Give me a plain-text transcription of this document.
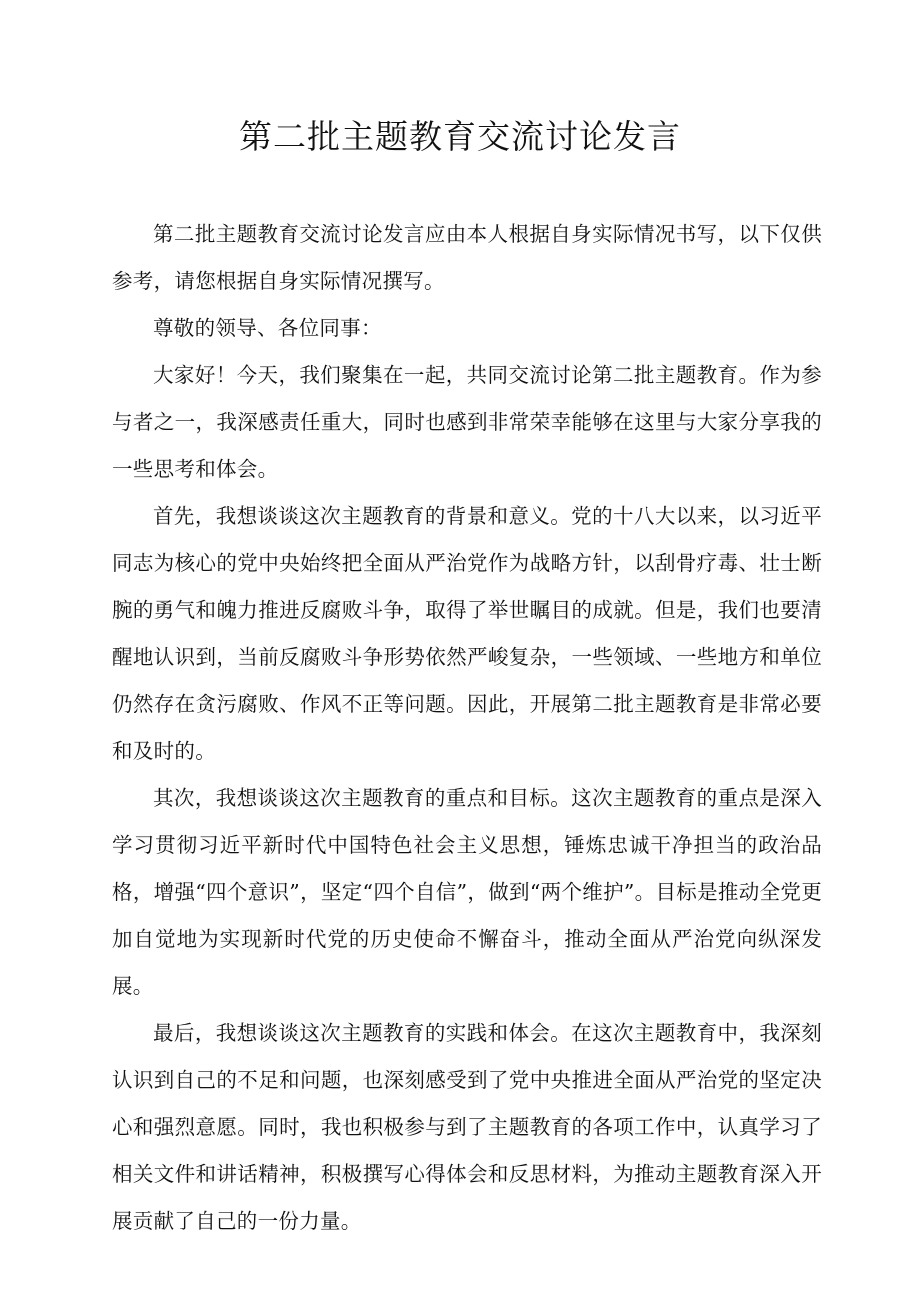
第二批主题教育交流讨论发言

第二批主题教育交流讨论发言应由本人根据自身实际情况书写，以下仅供参考，请您根据自身实际情况撰写。

尊敬的领导、各位同事：

大家好！今天，我们聚集在一起，共同交流讨论第二批主题教育。作为参与者之一，我深感责任重大，同时也感到非常荣幸能够在这里与大家分享我的一些思考和体会。

首先，我想谈谈这次主题教育的背景和意义。党的十八大以来，以习近平同志为核心的党中央始终把全面从严治党作为战略方针，以刮骨疗毒、壮士断腕的勇气和魄力推进反腐败斗争，取得了举世瞩目的成就。但是，我们也要清醒地认识到，当前反腐败斗争形势依然严峻复杂，一些领域、一些地方和单位仍然存在贪污腐败、作风不正等问题。因此，开展第二批主题教育是非常必要和及时的。

其次，我想谈谈这次主题教育的重点和目标。这次主题教育的重点是深入学习贯彻习近平新时代中国特色社会主义思想，锤炼忠诚干净担当的政治品格，增强“四个意识”，坚定“四个自信”，做到“两个维护”。目标是推动全党更加自觉地为实现新时代党的历史使命不懈奋斗，推动全面从严治党向纵深发展。

最后，我想谈谈这次主题教育的实践和体会。在这次主题教育中，我深刻认识到自己的不足和问题，也深刻感受到了党中央推进全面从严治党的坚定决心和强烈意愿。同时，我也积极参与到了主题教育的各项工作中，认真学习了相关文件和讲话精神，积极撰写心得体会和反思材料，为推动主题教育深入开展贡献了自己的一份力量。
